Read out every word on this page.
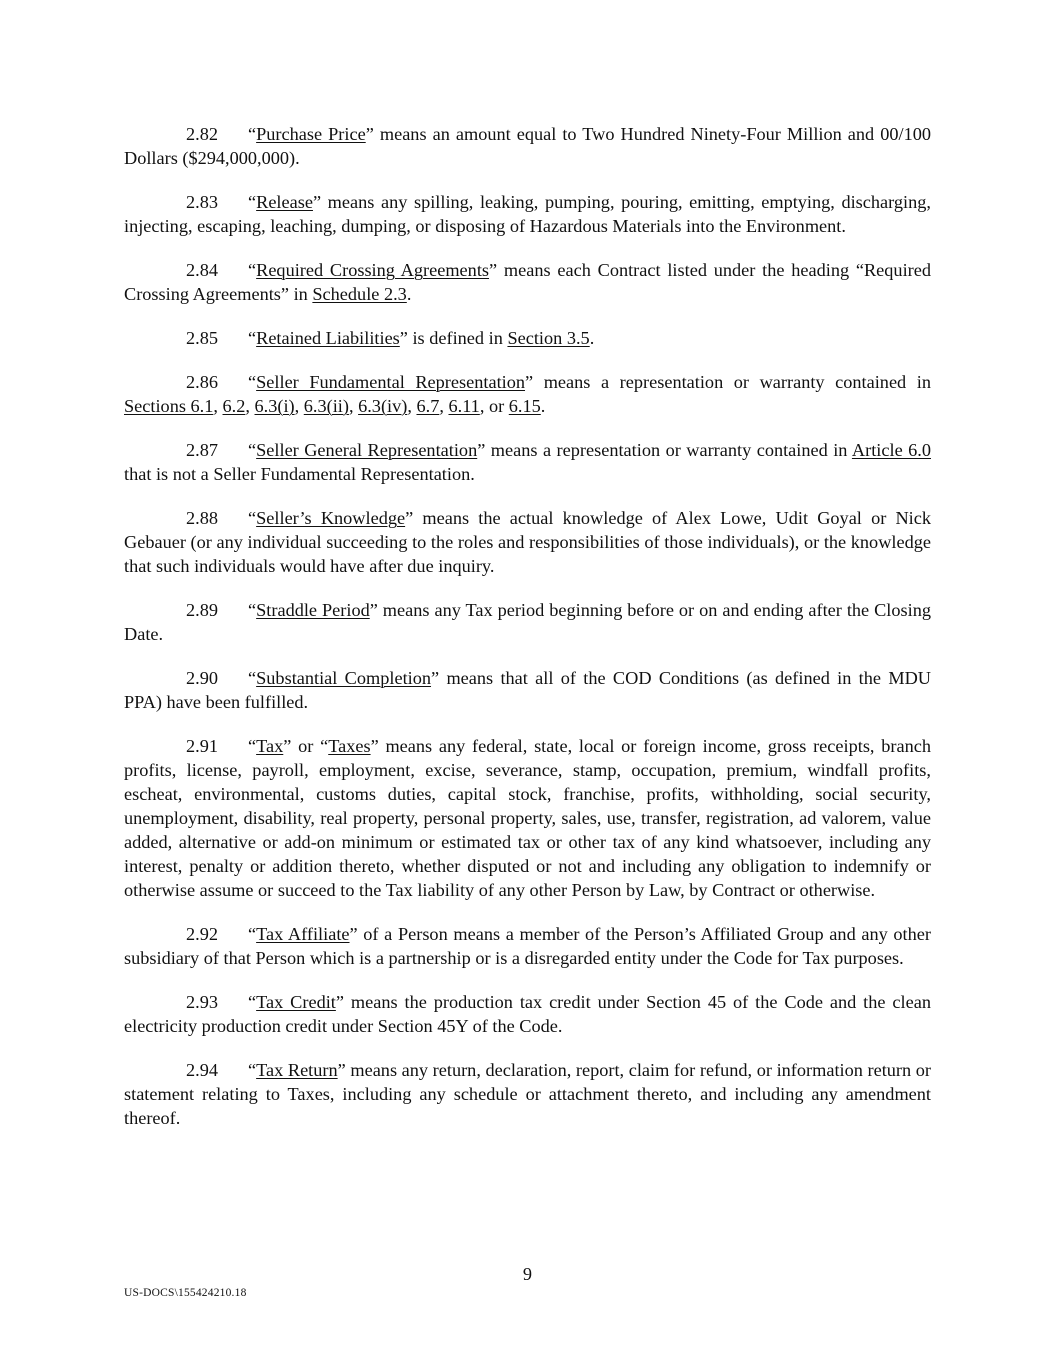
2.82 “Purchase Price” means an amount equal to Two Hundred Ninety-Four Million and 00/100 Dollars ($294,000,000).

2.83 “Release” means any spilling, leaking, pumping, pouring, emitting, emptying, discharging, injecting, escaping, leaching, dumping, or disposing of Hazardous Materials into the Environment.

2.84 “Required Crossing Agreements” means each Contract listed under the heading “Required Crossing Agreements” in Schedule 2.3.

2.85 “Retained Liabilities” is defined in Section 3.5.

2.86 “Seller Fundamental Representation” means a representation or warranty contained in Sections 6.1, 6.2, 6.3(i), 6.3(ii), 6.3(iv), 6.7, 6.11, or 6.15.

2.87 “Seller General Representation” means a representation or warranty contained in Article 6.0 that is not a Seller Fundamental Representation.

2.88 “Seller’s Knowledge” means the actual knowledge of Alex Lowe, Udit Goyal or Nick Gebauer (or any individual succeeding to the roles and responsibilities of those individuals), or the knowledge that such individuals would have after due inquiry.

2.89 “Straddle Period” means any Tax period beginning before or on and ending after the Closing Date.

2.90 “Substantial Completion” means that all of the COD Conditions (as defined in the MDU PPA) have been fulfilled.

2.91 “Tax” or “Taxes” means any federal, state, local or foreign income, gross receipts, branch profits, license, payroll, employment, excise, severance, stamp, occupation, premium, windfall profits, escheat, environmental, customs duties, capital stock, franchise, profits, withholding, social security, unemployment, disability, real property, personal property, sales, use, transfer, registration, ad valorem, value added, alternative or add-on minimum or estimated tax or other tax of any kind whatsoever, including any interest, penalty or addition thereto, whether disputed or not and including any obligation to indemnify or otherwise assume or succeed to the Tax liability of any other Person by Law, by Contract or otherwise.

2.92 “Tax Affiliate” of a Person means a member of the Person’s Affiliated Group and any other subsidiary of that Person which is a partnership or is a disregarded entity under the Code for Tax purposes.

2.93 “Tax Credit” means the production tax credit under Section 45 of the Code and the clean electricity production credit under Section 45Y of the Code.

2.94 “Tax Return” means any return, declaration, report, claim for refund, or information return or statement relating to Taxes, including any schedule or attachment thereto, and including any amendment thereof.

9
US-DOCS\155424210.18
